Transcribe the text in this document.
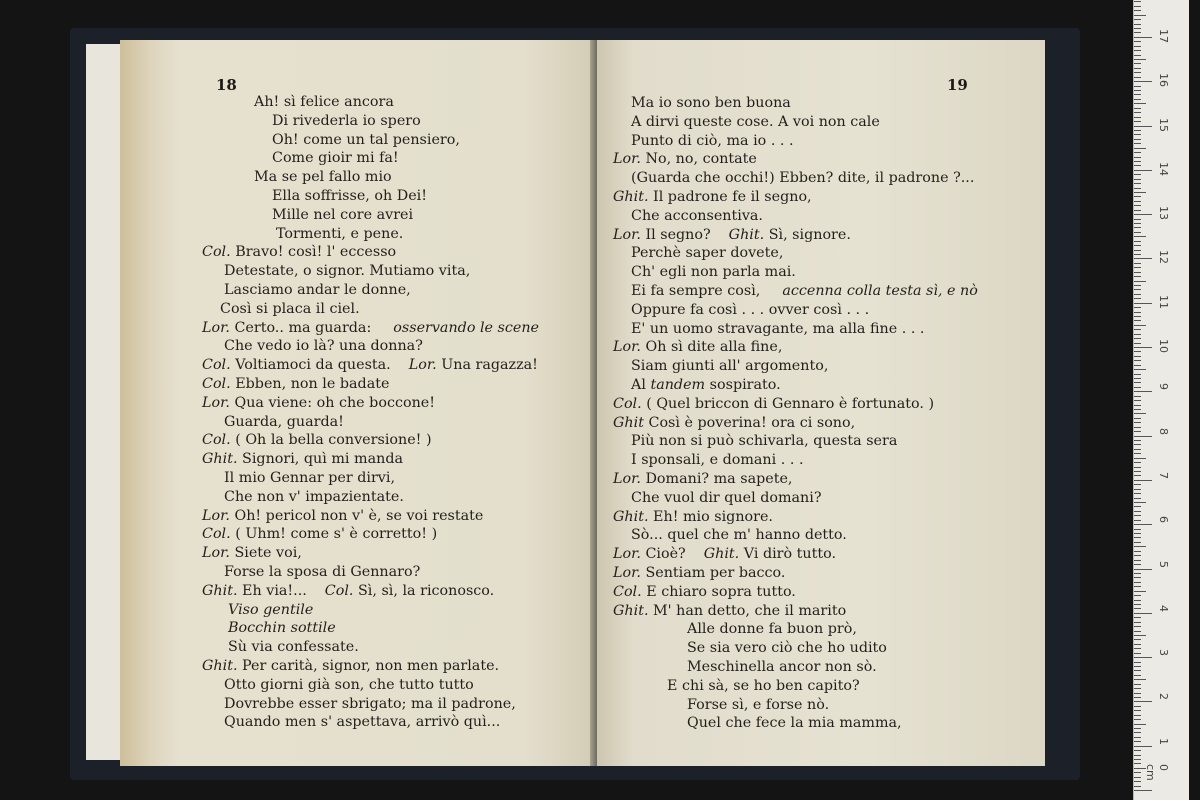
18
Ah! sì felice ancora
Di rivederla io spero
Oh! come un tal pensiero,
Come gioir mi fa!
Ma se pel fallo mio
Ella soffrisse, oh Dei!
Mille nel core avrei
Tormenti, e pene.
Col. Bravo! così! l' eccesso
Detestate, o signor. Mutiamo vita,
Lasciamo andar le donne,
Così si placa il ciel.
Lor. Certo.. ma guarda: osservando le scene
Che vedo io là? una donna?
Col. Voltiamoci da questa. Lor. Una ragazza!
Col. Ebben, non le badate
Lor. Qua viene: oh che boccone!
Guarda, guarda!
Col. ( Oh la bella conversione! )
Ghit. Signori, quì mi manda
Il mio Gennar per dirvi,
Che non v' impazientate.
Lor. Oh! pericol non v' è, se voi restate
Col. ( Uhm! come s' è corretto! )
Lor. Siete voi,
Forse la sposa di Gennaro?
Ghit. Eh via!... Col. Sì, sì, la riconosco.
Viso gentile
Bocchin sottile
Sù via confessate.
Ghit. Per carità, signor, non men parlate.
Otto giorni già son, che tutto tutto
Dovrebbe esser sbrigato; ma il padrone,
Quando men s' aspettava, arrivò quì...
19
Ma io sono ben buona
A dirvi queste cose. A voi non cale
Punto di ciò, ma io . . .
Lor. No, no, contate
(Guarda che occhi!) Ebben? dite, il padrone ?...
Ghit. Il padrone fe il segno,
Che acconsentiva.
Lor. Il segno? Ghit. Sì, signore.
Perchè saper dovete,
Ch' egli non parla mai.
Ei fa sempre così, accenna colla testa sì, e nò
Oppure fa così . . . ovver così . . .
E' un uomo stravagante, ma alla fine . . .
Lor. Oh sì dite alla fine,
Siam giunti all' argomento,
Al tandem sospirato.
Col. ( Quel briccon di Gennaro è fortunato. )
Ghit Così è poverina! ora ci sono,
Più non si può schivarla, questa sera
I sponsali, e domani . . .
Lor. Domani? ma sapete,
Che vuol dir quel domani?
Ghit. Eh! mio signore.
Sò... quel che m' hanno detto.
Lor. Cioè? Ghit. Vi dirò tutto.
Lor. Sentiam per bacco.
Col. E chiaro sopra tutto.
Ghit. M' han detto, che il marito
Alle donne fa buon prò,
Se sia vero ciò che ho udito
Meschinella ancor non sò.
E chi sà, se ho ben capito?
Forse sì, e forse nò.
Quel che fece la mia mamma,
0 cm
1
2
3
4
5
6
7
8
9
10
11
12
13
14
15
16
17
